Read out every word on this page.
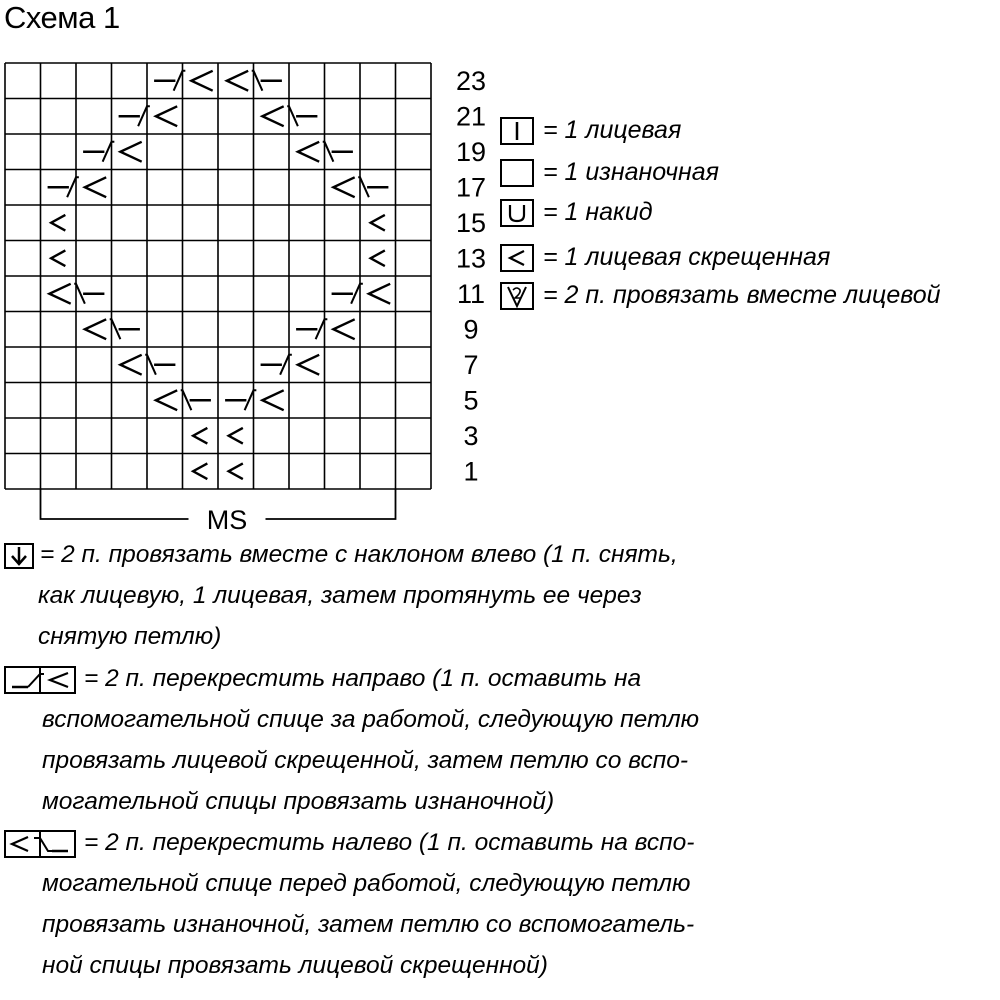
Схема 1
23
21
19
17
15
13
11
9
7
5
3
1
MS
= 1 лицевая
= 1 изнаночная
= 1 накид
= 1 лицевая скрещенная
= 2 п. провязать вместе лицевой
= 2 п. провязать вместе с наклоном влево (1 п. снять,
как лицевую, 1 лицевая, затем протянуть ее через
снятую петлю)
= 2 п. перекрестить направо (1 п. оставить на
вспомогательной спице за работой, следующую петлю
провязать лицевой скрещенной, затем петлю со вспо-
могательной спицы провязать изнаночной)
= 2 п. перекрестить налево (1 п. оставить на вспо-
могательной спице перед работой, следующую петлю
провязать изнаночной, затем петлю со вспомогатель-
ной спицы провязать лицевой скрещенной)
